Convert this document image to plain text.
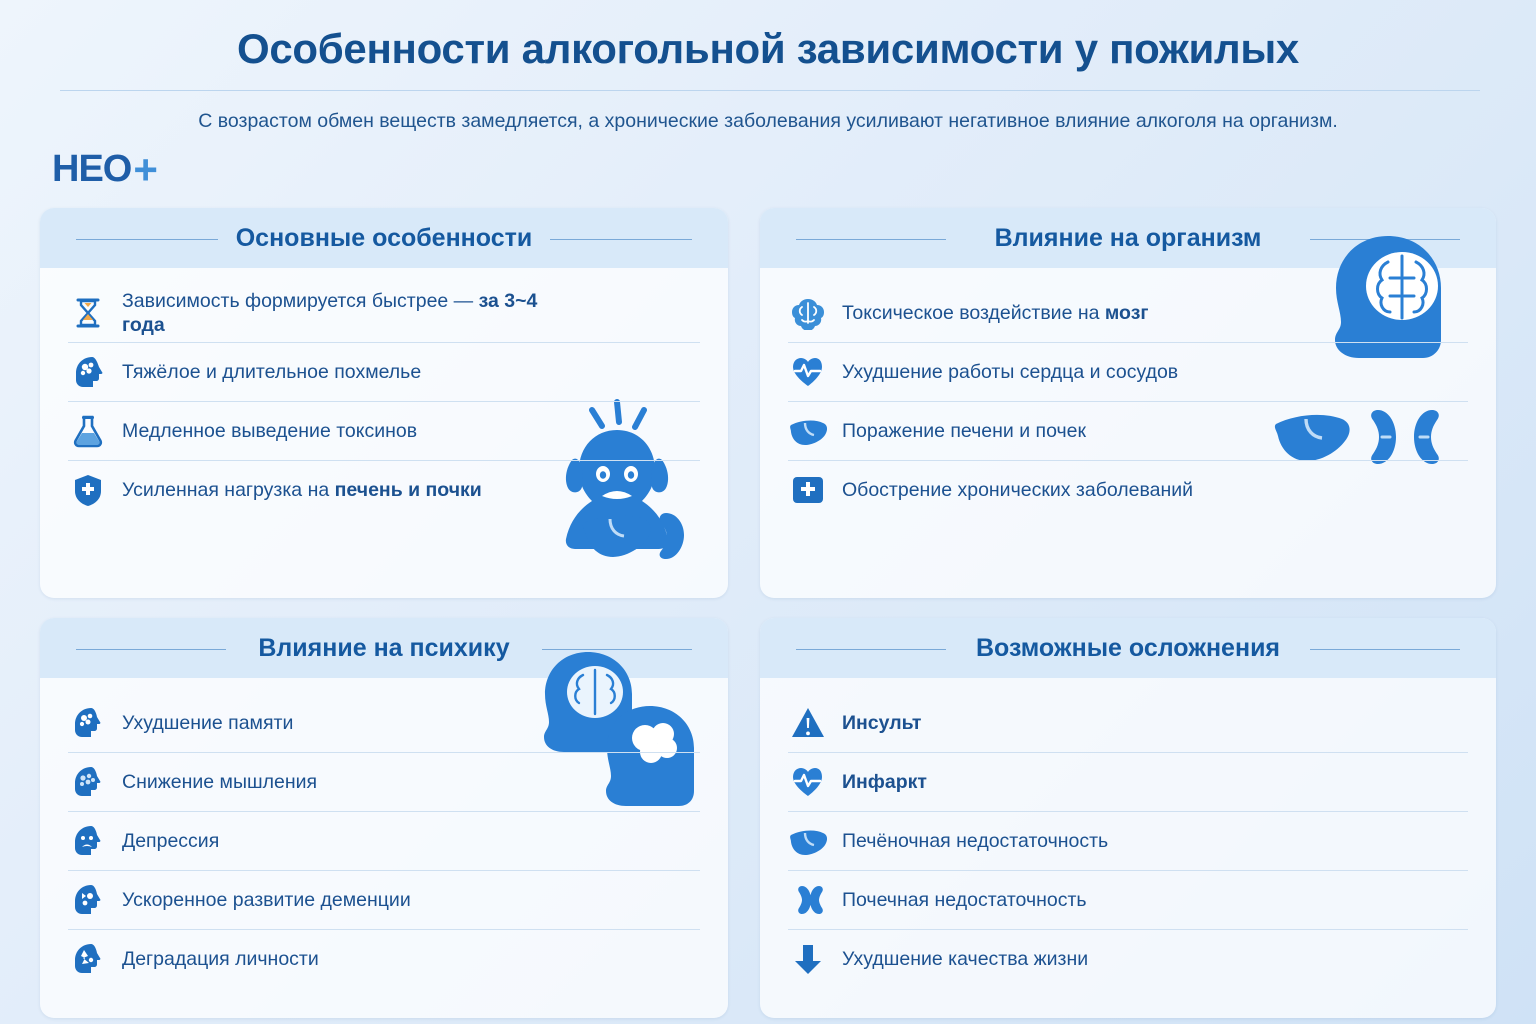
Особенности алкогольной зависимости у пожилых

С возрастом обмен веществ замедляется, а хронические заболевания усиливают негативное влияние алкоголя на организм.

HEO +
Основные особенности
Зависимость формируется быстрее — за 3~4 года
Тяжёлое и длительное похмелье
Медленное выведение токсинов
Усиленная нагрузка на печень и почки
Влияние на организм
Токсическое воздействие на мозг
Ухудшение работы сердца и сосудов
Поражение печени и почек
Обострение хронических заболеваний
Влияние на психику
Ухудшение памяти
Снижение мышления
Депрессия
Ускоренное развитие деменции
Деградация личности
Возможные осложнения
Инсульт
Инфаркт
Печёночная недостаточность
Почечная недостаточность
Ухудшение качества жизни
